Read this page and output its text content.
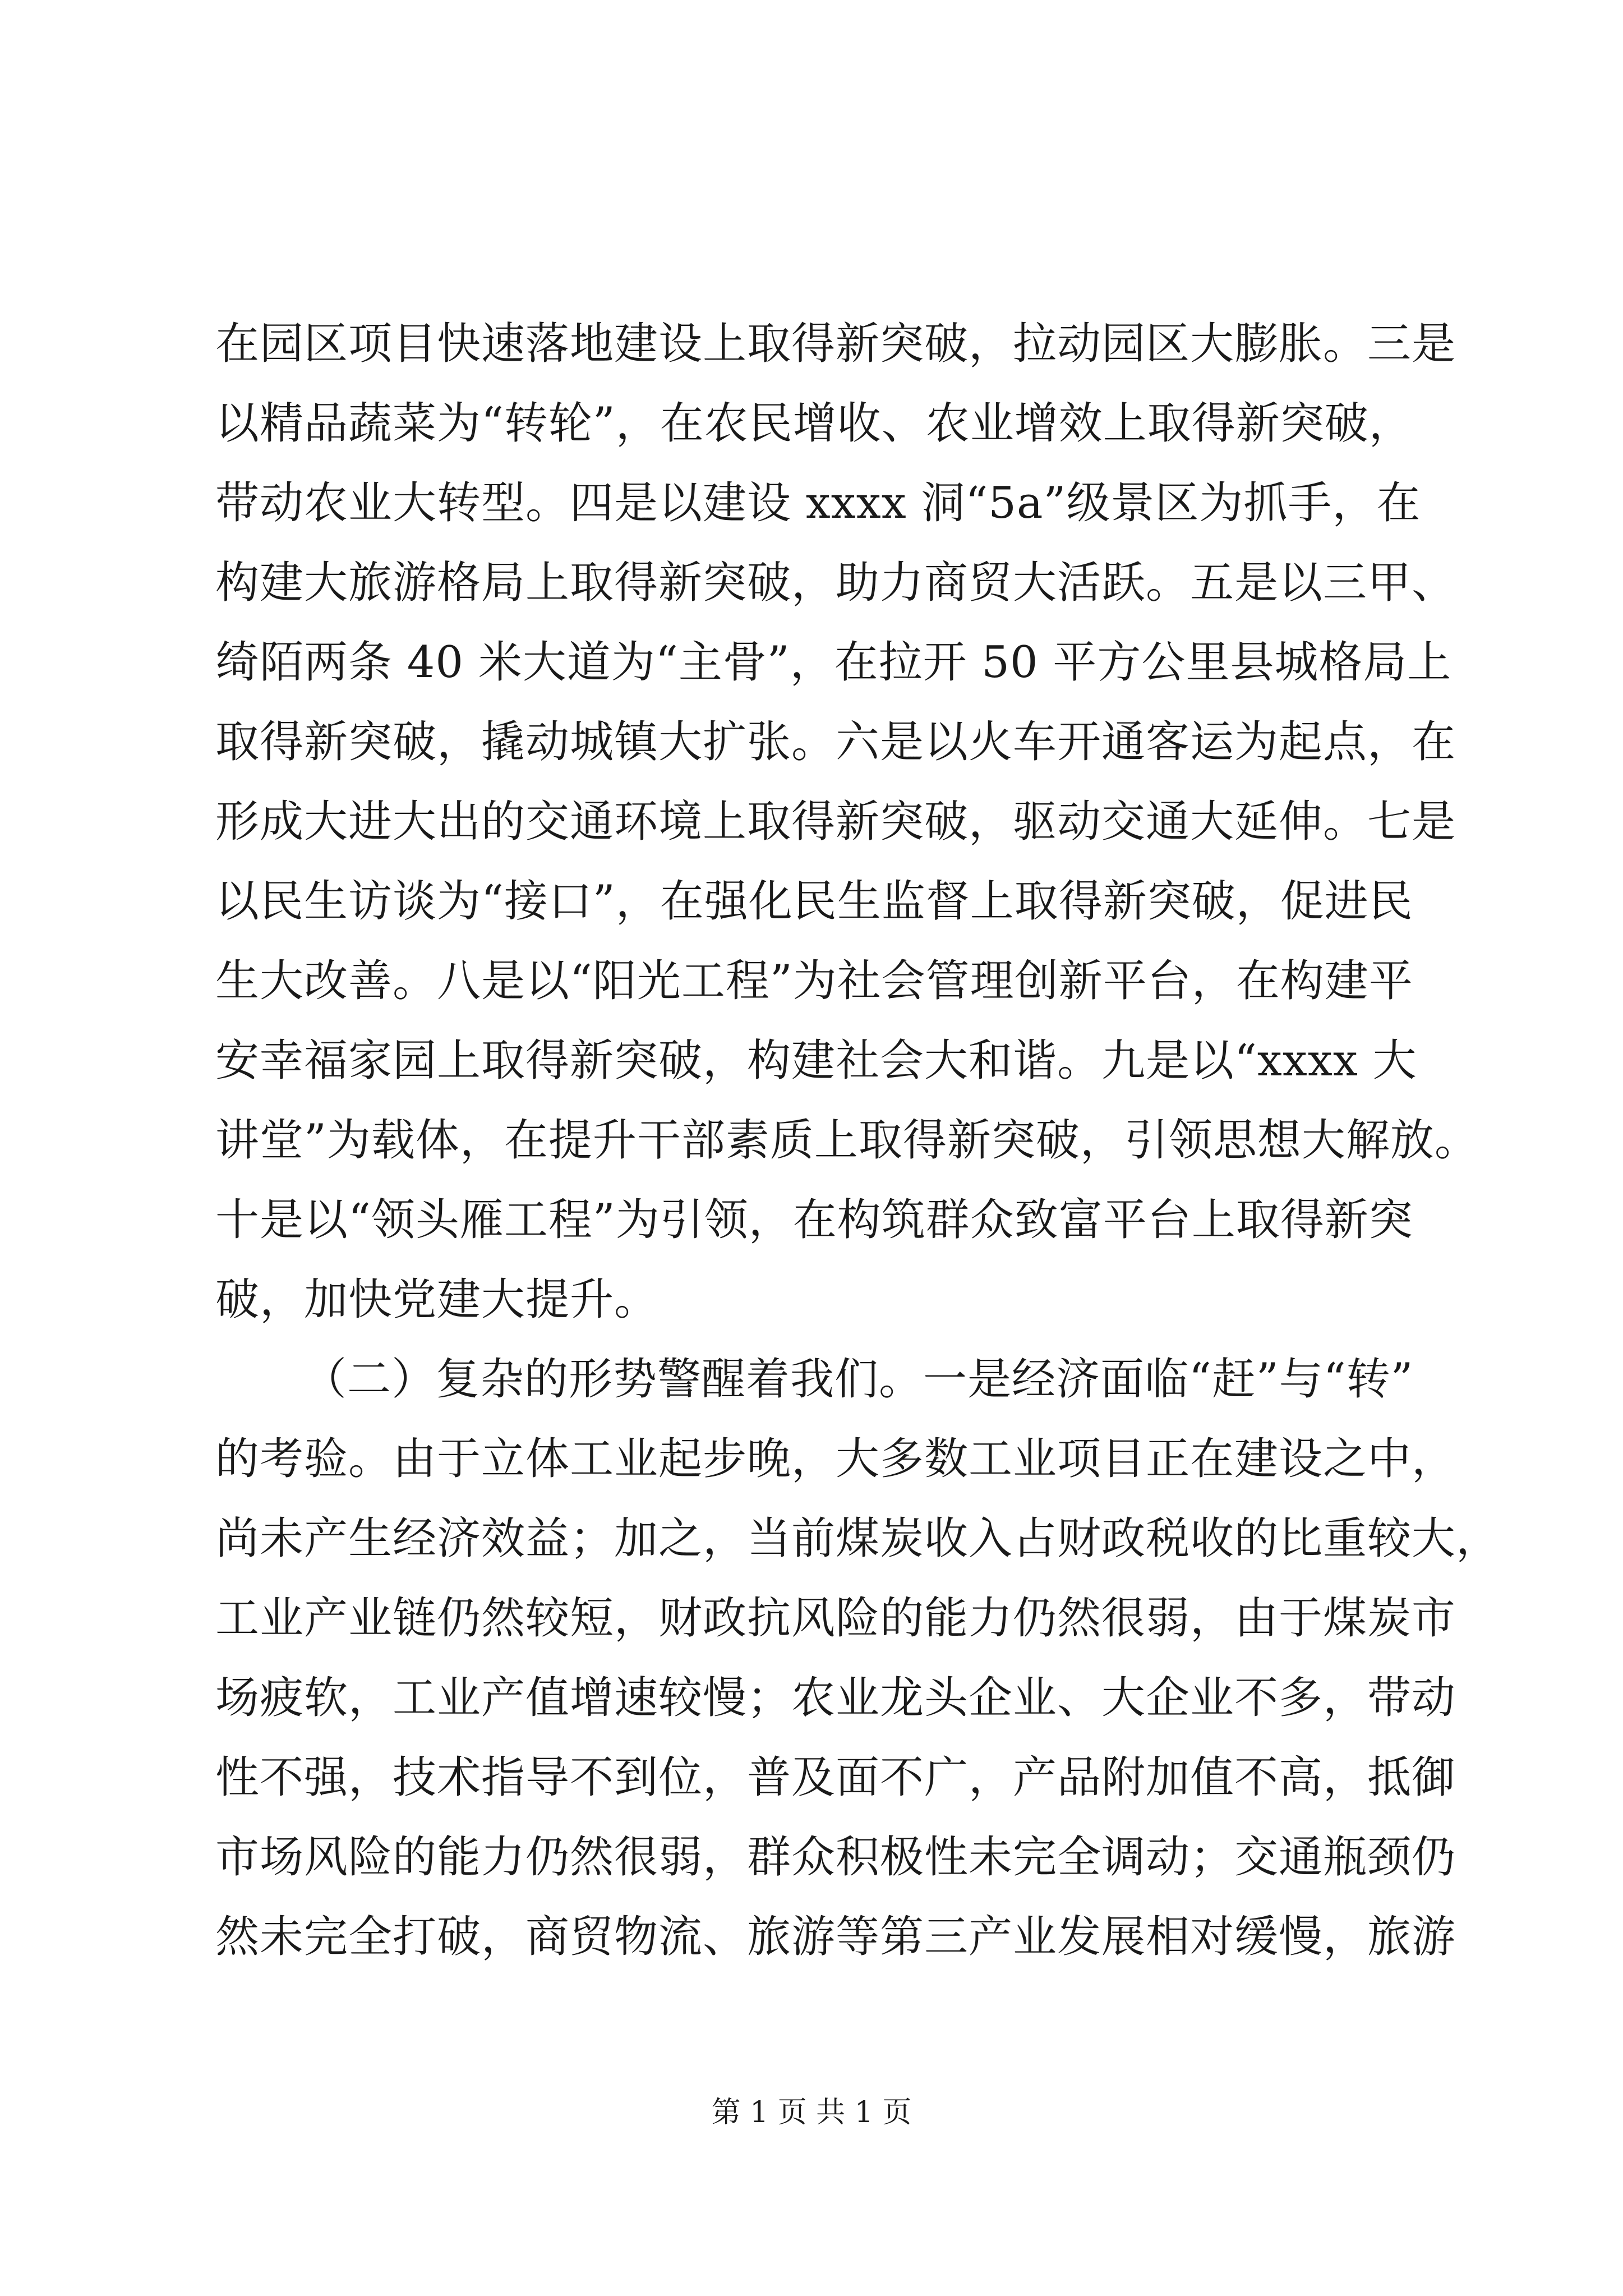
在园区项目快速落地建设上取得新突破，拉动园区大膨胀。三是
以精品蔬菜为“转轮”，在农民增收、农业增效上取得新突破，
带动农业大转型。四是以建设 xxxx 洞“5a”级景区为抓手，在
构建大旅游格局上取得新突破，助力商贸大活跃。五是以三甲、
绮陌两条 40 米大道为“主骨”，在拉开 50 平方公里县城格局上
取得新突破，撬动城镇大扩张。六是以火车开通客运为起点，在
形成大进大出的交通环境上取得新突破，驱动交通大延伸。七是
以民生访谈为“接口”，在强化民生监督上取得新突破，促进民
生大改善。八是以“阳光工程”为社会管理创新平台，在构建平
安幸福家园上取得新突破，构建社会大和谐。九是以“xxxx 大
讲堂”为载体，在提升干部素质上取得新突破，引领思想大解放。
十是以“领头雁工程”为引领，在构筑群众致富平台上取得新突
破，加快党建大提升。
（二）复杂的形势警醒着我们。一是经济面临“赶”与“转”
的考验。由于立体工业起步晚，大多数工业项目正在建设之中，
尚未产生经济效益；加之，当前煤炭收入占财政税收的比重较大，
工业产业链仍然较短，财政抗风险的能力仍然很弱，由于煤炭市
场疲软，工业产值增速较慢；农业龙头企业、大企业不多，带动
性不强，技术指导不到位，普及面不广，产品附加值不高，抵御
市场风险的能力仍然很弱，群众积极性未完全调动；交通瓶颈仍
然未完全打破，商贸物流、旅游等第三产业发展相对缓慢，旅游
第 1 页 共 1 页
